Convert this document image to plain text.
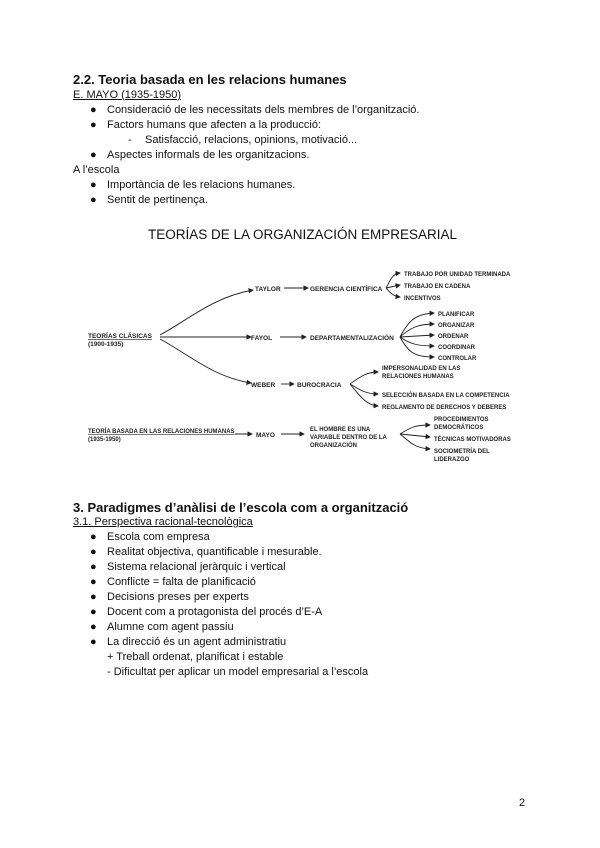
2.2. Teoria basada en les relacions humanes
E. MAYO (1935-1950)
● Consideració de les necessitats dels membres de l’organització.
● Factors humans que afecten a la producció:
- Satisfacció, relacions, opinions, motivació...
● Aspectes informals de les organitzacions.
A l’escola
● Importància de les relacions humanes.
● Sentit de pertinença.
TEORÍAS DE LA ORGANIZACIÓN EMPRESARIAL
TEORÍAS CLÁSICAS
(1900-1935)
TAYLOR
FAYOL
WEBER
GERENCIA CIENTÍFICA
DEPARTAMENTALIZACIÓN
BUROCRACIA
TRABAJO POR UNIDAD TERMINADA
TRABAJO EN CADENA
INCENTIVOS
PLANIFICAR
ORGANIZAR
ORDENAR
COORDINAR
CONTROLAR
IMPERSONALIDAD EN LAS
RELACIONES HUMANAS
SELECCIÓN BASADA EN LA COMPETENCIA
REGLAMENTO DE DERECHOS Y DEBERES
TEORÍA BASADA EN LAS RELACIONES HUMANAS
(1935-1950)
MAYO
EL HOMBRE ES UNA
VARIABLE DENTRO DE LA
ORGANIZACIÓN
PROCEDIMIENTOS
DEMOCRÁTICOS
TÉCNICAS MOTIVADORAS
SOCIOMETRÍA DEL
LIDERAZGO
3. Paradigmes d’anàlisi de l’escola com a organització
3.1. Perspectiva racional-tecnològica
● Escola com empresa
● Realitat objectiva, quantificable i mesurable.
● Sistema relacional jeràrquic i vertical
● Conflicte = falta de planificació
● Decisions preses per experts
● Docent com a protagonista del procés d’E-A
● Alumne com agent passiu
● La direcció és un agent administratiu
+ Treball ordenat, planificat i estable
- Dificultat per aplicar un model empresarial a l’escola
2
